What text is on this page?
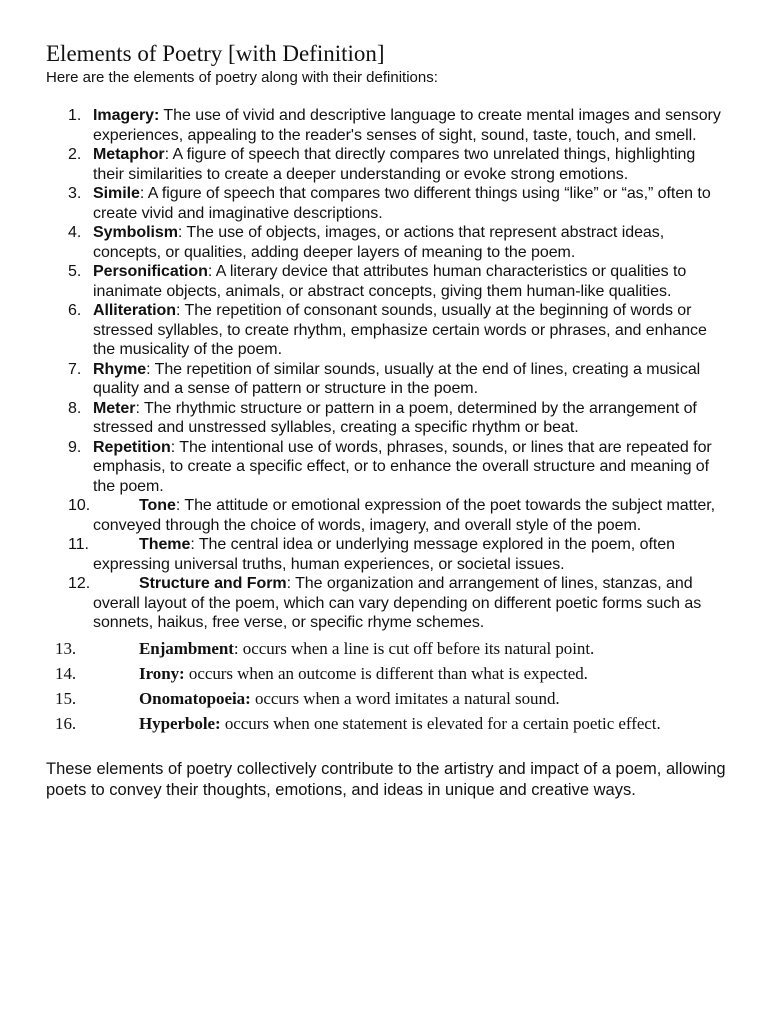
Elements of Poetry [with Definition]

Here are the elements of poetry along with their definitions:

1. Imagery: The use of vivid and descriptive language to create mental images and sensory experiences, appealing to the reader's senses of sight, sound, taste, touch, and smell.
2. Metaphor: A figure of speech that directly compares two unrelated things, highlighting their similarities to create a deeper understanding or evoke strong emotions.
3. Simile: A figure of speech that compares two different things using “like” or “as,” often to create vivid and imaginative descriptions.
4. Symbolism: The use of objects, images, or actions that represent abstract ideas, concepts, or qualities, adding deeper layers of meaning to the poem.
5. Personification: A literary device that attributes human characteristics or qualities to inanimate objects, animals, or abstract concepts, giving them human-like qualities.
6. Alliteration: The repetition of consonant sounds, usually at the beginning of words or stressed syllables, to create rhythm, emphasize certain words or phrases, and enhance the musicality of the poem.
7. Rhyme: The repetition of similar sounds, usually at the end of lines, creating a musical quality and a sense of pattern or structure in the poem.
8. Meter: The rhythmic structure or pattern in a poem, determined by the arrangement of stressed and unstressed syllables, creating a specific rhythm or beat.
9. Repetition: The intentional use of words, phrases, sounds, or lines that are repeated for emphasis, to create a specific effect, or to enhance the overall structure and meaning of the poem.
10.	Tone: The attitude or emotional expression of the poet towards the subject matter, conveyed through the choice of words, imagery, and overall style of the poem.
11.	Theme: The central idea or underlying message explored in the poem, often expressing universal truths, human experiences, or societal issues.
12.	Structure and Form: The organization and arrangement of lines, stanzas, and overall layout of the poem, which can vary depending on different poetic forms such as sonnets, haikus, free verse, or specific rhyme schemes.
13.	Enjambment: occurs when a line is cut off before its natural point.
14.	Irony: occurs when an outcome is different than what is expected.
15.	Onomatopoeia: occurs when a word imitates a natural sound.
16.	Hyperbole: occurs when one statement is elevated for a certain poetic effect.

These elements of poetry collectively contribute to the artistry and impact of a poem, allowing poets to convey their thoughts, emotions, and ideas in unique and creative ways.
